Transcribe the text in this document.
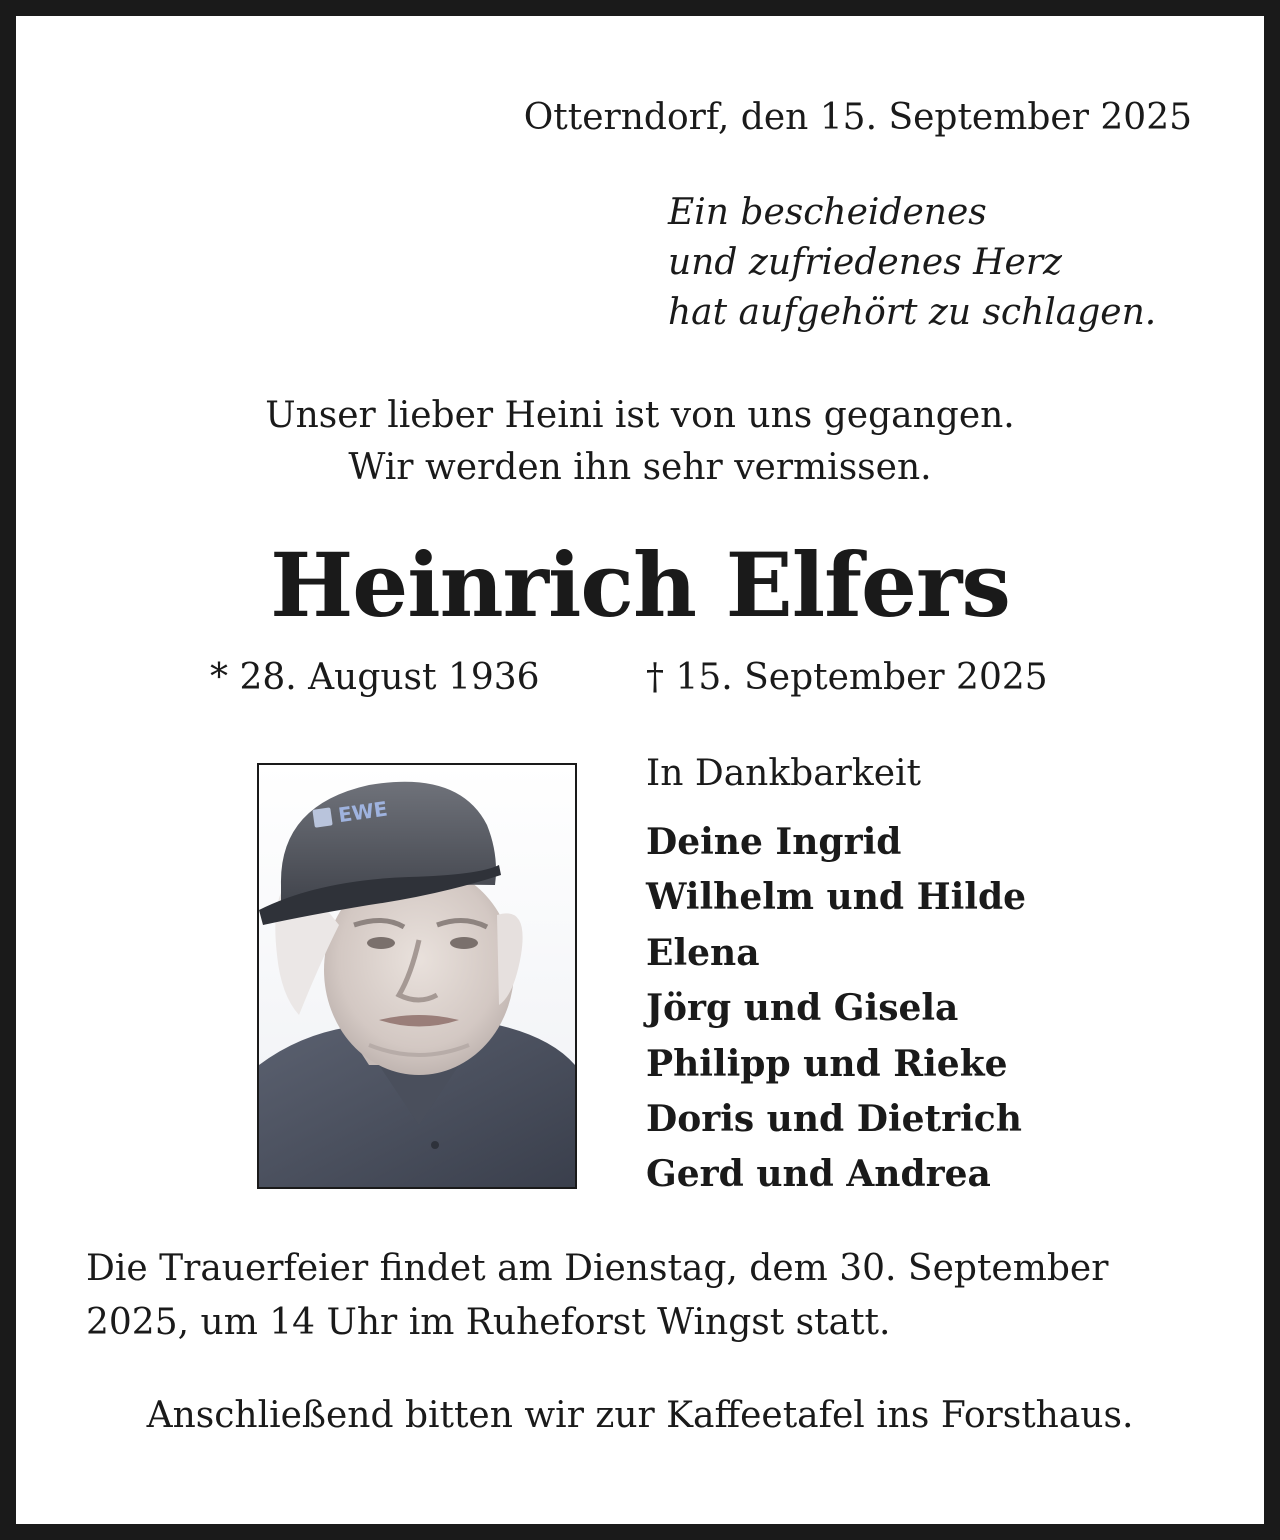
Otterndorf, den 15. September 2025

Ein bescheidenes
und zufriedenes Herz
hat aufgehört zu schlagen.

Unser lieber Heini ist von uns gegangen.
Wir werden ihn sehr vermissen.

Heinrich Elfers
* 28. August 1936	† 15. September 2025
EWE

In Dankbarkeit

Deine Ingrid
Wilhelm und Hilde
Elena
Jörg und Gisela
Philipp und Rieke
Doris und Dietrich
Gerd und Andrea

Die Trauerfeier findet am Dienstag, dem 30. September
2025, um 14 Uhr im Ruheforst Wingst statt.

Anschließend bitten wir zur Kaffeetafel ins Forsthaus.
